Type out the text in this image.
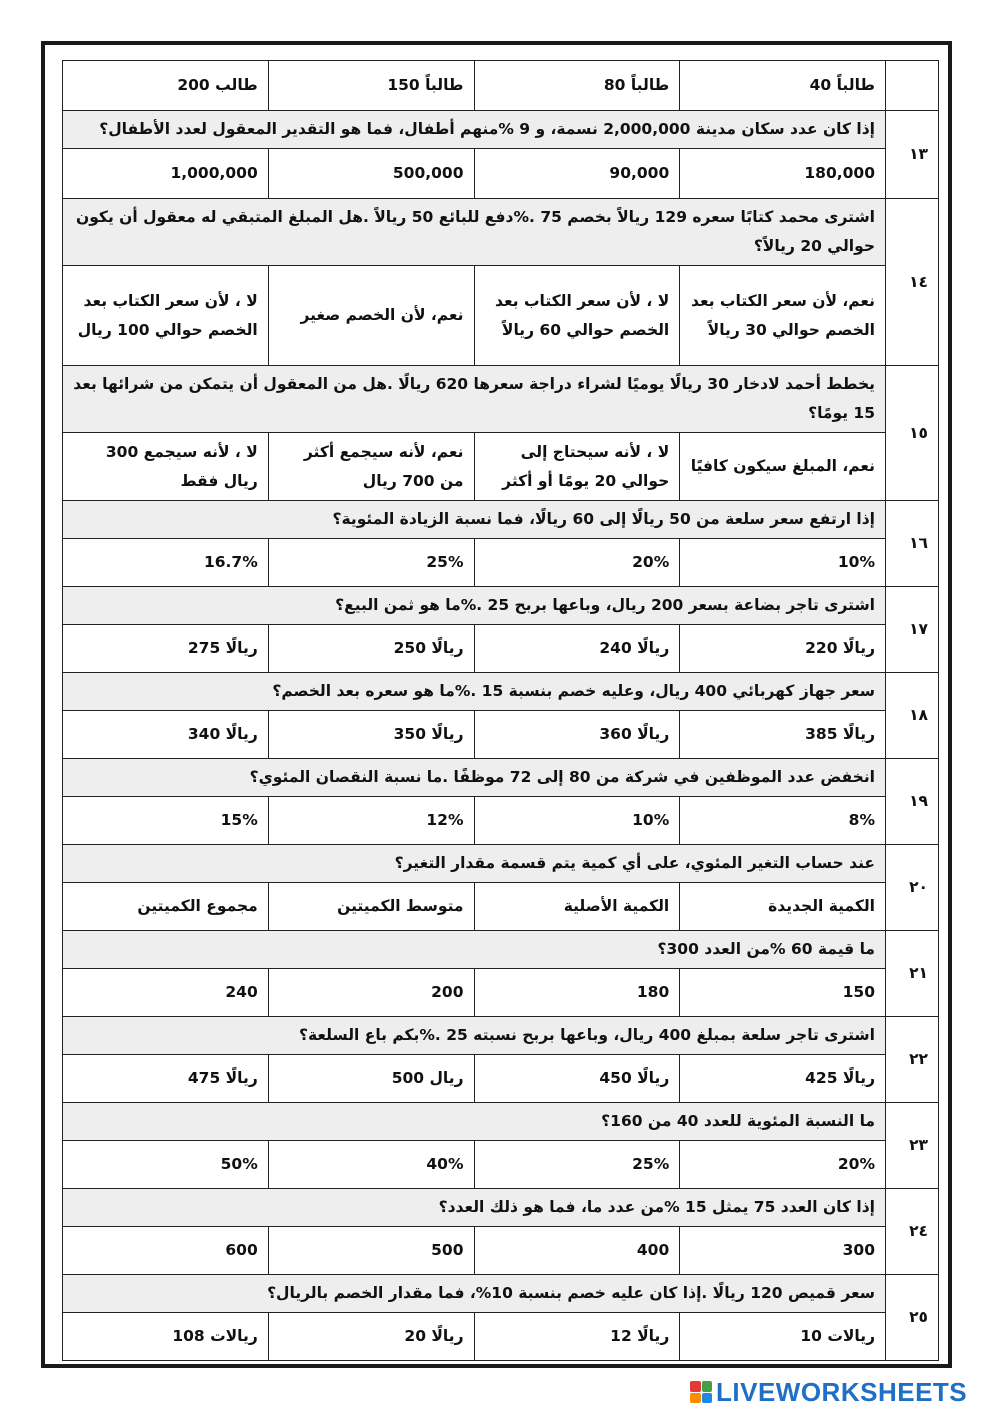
	طالباً 40	طالباً 80	طالباً 150	طالب 200
١٣	إذا كان عدد سكان مدينة 2,000,000 نسمة، و 9 %منهم أطفال، فما هو التقدير المعقول لعدد الأطفال؟			
	180,000	90,000	500,000	1,000,000
١٤	اشترى محمد كتابًا سعره 129 ريالاً بخصم 75 .%دفع للبائع 50 ريالاً .هل المبلغ المتبقي له معقول أن يكون حوالي 20 ريالاً؟			
	نعم، لأن سعر الكتاب بعد الخصم حوالي 30 ريالاً	لا ، لأن سعر الكتاب بعد الخصم حوالي 60 ريالاً	نعم، لأن الخصم صغير	لا ، لأن سعر الكتاب بعد الخصم حوالي 100 ريال
١٥	يخطط أحمد لادخار 30 ريالًا يوميًا لشراء دراجة سعرها 620 ريالًا .هل من المعقول أن يتمكن من شرائها بعد 15 يومًا؟			
	نعم، المبلغ سيكون كافيًا	لا ، لأنه سيحتاج إلى حوالي 20 يومًا أو أكثر	نعم، لأنه سيجمع أكثر من 700 ريال	لا ، لأنه سيجمع 300 ريال فقط
١٦	إذا ارتفع سعر سلعة من 50 ريالًا إلى 60 ريالًا، فما نسبة الزيادة المئوية؟			
	10%	20%	25%	16.7%
١٧	اشترى تاجر بضاعة بسعر 200 ريال، وباعها بربح 25 .%ما هو ثمن البيع؟			
	ريالًا 220	ريالًا 240	ريالًا 250	ريالًا 275
١٨	سعر جهاز كهربائي 400 ريال، وعليه خصم بنسبة 15 .%ما هو سعره بعد الخصم؟			
	ريالًا 385	ريالًا 360	ريالًا 350	ريالًا 340
١٩	انخفض عدد الموظفين في شركة من 80 إلى 72 موظفًا .ما نسبة النقصان المئوي؟			
	8%	10%	12%	15%
٢٠	عند حساب التغير المئوي، على أي كمية يتم قسمة مقدار التغير؟			
	الكمية الجديدة	الكمية الأصلية	متوسط الكميتين	مجموع الكميتين
٢١	ما قيمة 60 %من العدد 300؟			
	150	180	200	240
٢٢	اشترى تاجر سلعة بمبلغ 400 ريال، وباعها بربح نسبته 25 .%بكم باع السلعة؟			
	ريالًا 425	ريالًا 450	ريال 500	ريالًا 475
٢٣	ما النسبة المئوية للعدد 40 من 160؟			
	20%	25%	40%	50%
٢٤	إذا كان العدد 75 يمثل 15 %من عدد ما، فما هو ذلك العدد؟			
	300	400	500	600
٢٥	سعر قميص 120 ريالًا .إذا كان عليه خصم بنسبة 10%، فما مقدار الخصم بالريال؟			
	ريالات 10	ريالًا 12	ريالًا 20	ريالات 108
LIVEWORKSHEETS
